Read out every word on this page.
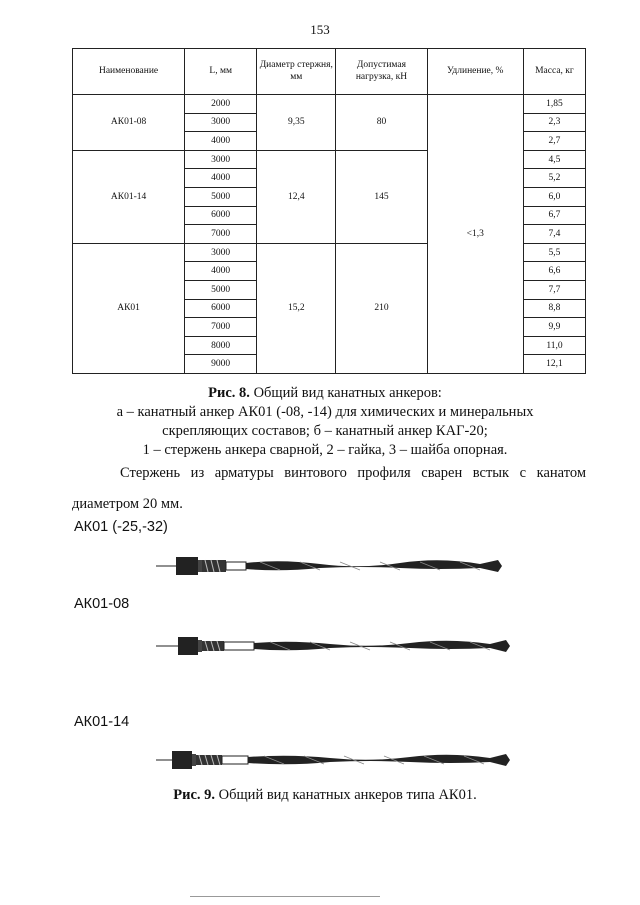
153
Наименование	L, мм	Диаметр стержня, мм	Допустимая нагрузка, кН	Удлинение, %	Масса, кг
АК01-08	2000	9,35	80	<1,3	1,85
	3000				2,3
	4000				2,7
АК01-14	3000	12,4	145		4,5
	4000				5,2
	5000				6,0
	6000				6,7
	7000				7,4
АК01	3000	15,2	210		5,5
	4000				6,6
	5000				7,7
	6000				8,8
	7000				9,9
	8000				11,0
	9000				12,1
Рис. 8. Общий вид канатных анкеров:
а – канатный анкер АК01 (-08, -14) для химических и минеральных
скрепляющих составов; б – канатный анкер КАГ-20;
1 – стержень анкера сварной, 2 – гайка, 3 – шайба опорная.
Стержень из арматуры винтового профиля сварен встык с канатом диаметром 20 мм.
АК01 (-25,-32)
АК01-08
АК01-14
Рис. 9. Общий вид канатных анкеров типа АК01.
